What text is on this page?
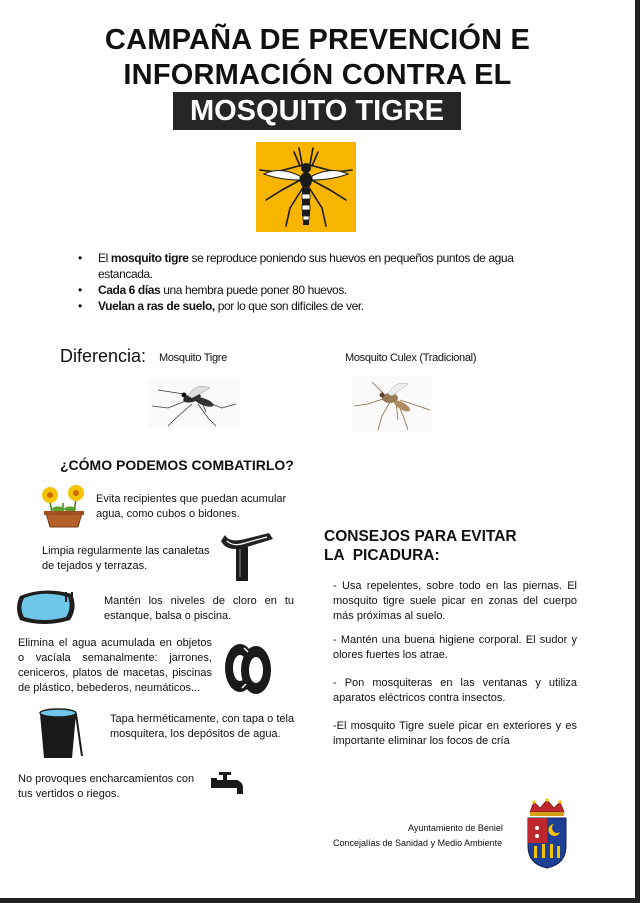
CAMPAÑA DE PREVENCIÓN E
INFORMACIÓN CONTRA EL
MOSQUITO TIGRE
• El mosquito tigre se reproduce poniendo sus huevos en pequeños puntos de agua estancada.
• Cada 6 días una hembra puede poner 80 huevos.
• Vuelan a ras de suelo, por lo que son difíciles de ver.
Diferencia: Mosquito Tigre	Mosquito Culex (Tradicional)
¿CÓMO PODEMOS COMBATIRLO?
Evita recipientes que puedan acumular agua, como cubos o bidones.
Limpia regularmente las canaletas de tejados y terrazas.
Mantén los niveles de cloro en tu estanque, balsa o piscina.
Elimina el agua acumulada en objetos o vacíala semanalmente: jarrones, ceniceros, platos de macetas, piscinas de plástico, bebederos, neumáticos...
Tapa herméticamente, con tapa o tela mosquitera, los depósitos de agua.
No provoques encharcamientos con tus vertidos o riegos.
CONSEJOS PARA EVITAR
LA  PICADURA:
- Usa repelentes, sobre todo en las piernas. El mosquito tigre suele picar en zonas del cuerpo más próximas al suelo.
- Mantén una buena higiene corporal. El sudor y olores fuertes los atrae.
- Pon mosquiteras en las ventanas y utiliza aparatos eléctricos contra insectos.
-El mosquito Tigre suele picar en exteriores y es importante eliminar los focos de cría
Ayuntamiento de Beniel
Concejalías de Sanidad y Medio Ambiente
